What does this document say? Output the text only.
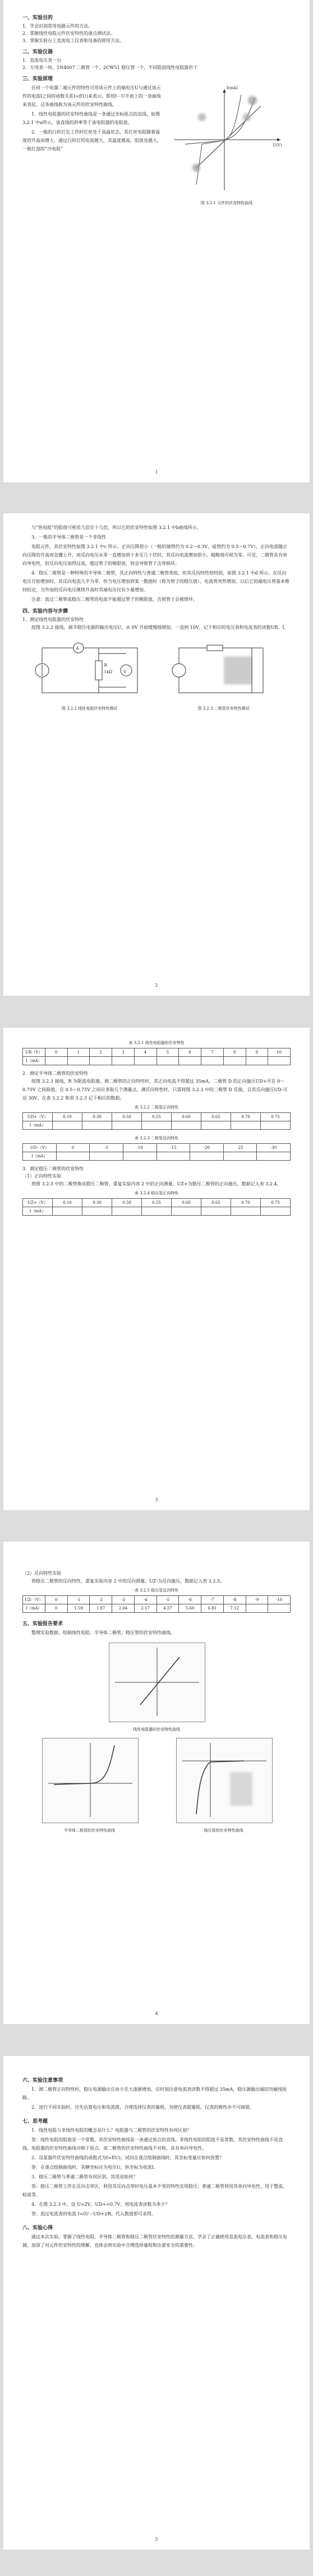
一、实验目的
1．学会识别常用电路元件的方法。
2．掌握线性电阻元件伏安特性的逐点测试法。
3．掌握实验台上直流电工仪表和设备的使用方法。
二、实验仪器
1．直流电压表一台
2．万用表一块，1N4007 二极管一个，2CW51 稳压管一个，不同阻值线性电阻器若干
三、实验原理
任何一个电器二端元件的特性可用该元件上的端电压U与通过该元件的电流I之间的函数关系I=f(U)来表示，即用I－U平面上的一条曲线来表征，这条曲线称为该元件的伏安特性曲线。
1．线性电阻器的伏安特性曲线是一条通过坐标原点的直线，如图 3.2.1 中a所示，该直线的斜率等于该电阻器的电阻值。
2．一般的白炽灯在工作时灯丝处于高温状态，其灯丝电阻随着温度的升高而增大，通过白炽灯的电流越大，其温度越高，阻值也越大，一般灯泡的“冷电阻”
I(mA)
U(V)
图 3.2.1 元件的伏安特性曲线
1
与“热电阻”的阻值可相差几倍至十几倍，所以它的伏安特性如图 3.2.1 中b曲线所示。
3．一般的半导体二极管是一个非线性
电阻元件，其伏安特性如图 3.2.1 中c 所示。正向压降很小（一般的锗管约为 0.2～0.3V，硅管约为 0.5～0.7V），正向电流随正向压降的升高而急骤上升，而反向电压从零一直增加到十多至几十伏时，其反向电流增加很小，粗略地可视为零。可见，二极管具有单向导电性，但反向电压加得过高，超过管子的极限值，则会导致管子击穿损坏。
4．稳压二极管是一种特殊的半导体二极管，其正向特性与普通二极管类似，但其反向特性较特别，如图 3.2.1 中d 所示。在反向电压开始增加时，其反向电流几乎为零，但当电压增加到某一数值时（称为管子的稳压值），电流将突然增加，以后它的端电压将基本维持恒定，当外加的反向电压继续升高时其端电压仅有少量增加。
注意：流过二极管或稳压二极管的电流不能超过管子的极限值，否则管子会被烧坏。
四、实验内容与步骤
1．测定线性电阻器的伏安特性
按图 3.2.2 接线，调节稳压电源的输出电压U，从 0V 开始缓慢地增加，一直到 10V，记下相应的电压表和电流表的读数UR、I。
A
R
1kΩ	V
图 3.2.2 线性电阻伏安特性测试	图 3.2.3 二极管伏安特性测试
2
表 3.2.1 线性电阻器的伏安特性
UR（V）	0	1	2	3	4	5	6	7	8	9	10
I（mA）											
2．测定半导体二极管的伏安特性
按图 3.2.3 接线，R 为限流电阻器。测二极管的正向特性时，其正向电流不得超过 35mA，二极管 D 的正向施压UD+可在 0～0.75V 之间取值。在 0.5～0.75V 之间应多取几个测量点。测反向特性时，只需将图 3.2.3 中的二极管 D 反接，且其反向施压UD-可达 30V。在表 3.2.2 和表 3.2.3 记下相应的数据。
表 3.2.2 二极管正向特性
UD+（V）	0.10	0.30	0.50	0.55	0.60	0.65	0.70	0.75
I（mA）								
表 3.2.3 二极管反向特性
UD-（V）	0	-5	-10	-15	-20	-25	-30
I（mA）							
3．测定稳压二极管的伏安特性
（1）正向特性实验
将图 3.2.3 中的二极管换成稳压二极管，重复实验内容 2 中的正向测量。UZ+为稳压二极管的正向施压，数据记入表 3.2.4。
表 3.2.4 稳压管正向特性
UZ+（V）	0.10	0.30	0.50	0.55	0.60	0.65	0.70	0.75
I（mA）								
3
（2）反向特性实验
将稳压二极管的反向特性，重复实验内容 2 中的反向测量，UZ-为反向施压，数据记入表 3.2.5。
表 3.2.5 稳压管反向特性
UZ-（V）	0	-1	-2	-3	-4	-5	-6	-7	-8	-9	-10
I（mA）	0	1.59	1.87	2.04	2.17	4.27	5.60	6.81	7.12		
五、实验报告要求
整理实验数据，绘制线性电阻、半导体二极管、稳压管的伏安特性曲线。
线性电阻器的伏安特性曲线
半导体二极管的伏安特性曲线	稳压管的伏安特性曲线
4
六、实验注意事项
1．测二极管正向特性时，稳压电源输出应由小至大逐渐增加，应时刻注意电流表读数不得超过 35mA，稳压源输出端切勿碰线短路。
2．进行不同实验时，应先估算电压和电流值，合理选择仪表的量程，勿使仪表超量程，仪表的极性亦不可接错。
七、思考题
1．线性电阻与非线性电阻的概念是什么？电阻器与二极管的伏安特性有何区别？
答：线性电阻的阻值是一个常数，其伏安特性曲线是一条通过原点的直线。非线性电阻的阻值不是常数，其伏安特性曲线不是直线。电阻器的伏安特性曲线对称于原点，而二极管的伏安特性曲线不对称，具有单向导电性。
2．设某器件伏安特性曲线的函数式为I=f(U)，试问在逐点绘制曲线时，其坐标变量应如何放置？
答：在逐点绘制曲线时，其横坐标应为电压U，纵坐标为电流I。
3．稳压二极管与普通二极管有何区别，其用途如何？
答：稳压二极管工作在反向击穿区，利用其反向击穿时电压基本不变的特性实现稳压；普通二极管利用其单向导电性，用于整流、检波等。
4．在图 3.2.3 中，设 U=2V，UD+=0.7V，则电流表读数为多少？
答：流过电流表的电流 I=(U－UD+)/R，代入数值即可求得。
八、实验心得
通过本次实验，掌握了线性电阻、半导体二极管和稳压二极管伏安特性的测量方法，学会了正确使用直流电压表、电流表和稳压电源，加深了对元件伏安特性的理解，也体会到实验中合理选择量程和注意安全的重要性。
5
